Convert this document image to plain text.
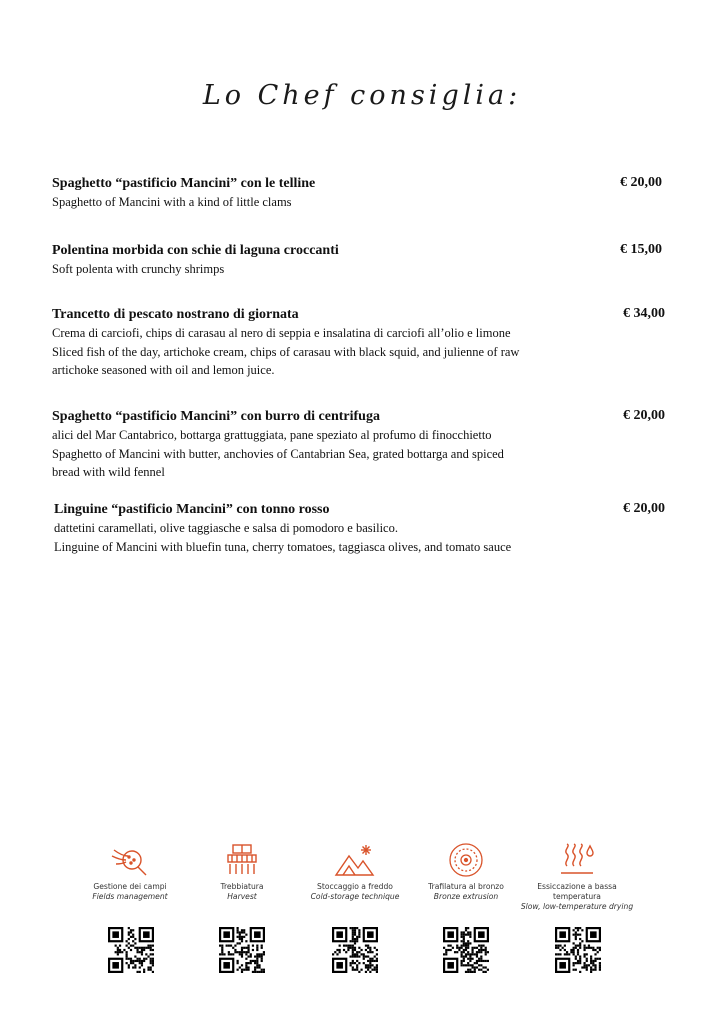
Lo Chef consiglia:
Spaghetto “pastificio Mancini” con le telline
Spaghetto of Mancini with a kind of little clams
€ 20,00
Polentina morbida con schie di laguna croccanti
Soft polenta with crunchy shrimps
€ 15,00
Trancetto di pescato nostrano di giornata
Crema di carciofi, chips di carasau al nero di seppia e insalatina di carciofi all’olio e limone
Sliced fish of the day, artichoke cream, chips of carasau with black squid, and julienne of raw
artichoke seasoned with oil and lemon juice.
€ 34,00
Spaghetto “pastificio Mancini” con burro di centrifuga
alici del Mar Cantabrico, bottarga grattuggiata, pane speziato al profumo di finocchietto
Spaghetto of Mancini with butter, anchovies of Cantabrian Sea, grated bottarga and spiced
bread with wild fennel
€ 20,00
Linguine “pastificio Mancini” con tonno rosso
dattetini caramellati, olive taggiasche e salsa di pomodoro e basilico.
Linguine of Mancini with bluefin tuna, cherry tomatoes, taggiasca olives, and tomato sauce
€ 20,00
Gestione dei campi
Fields management
Trebbiatura
Harvest
Stoccaggio a freddo
Cold-storage technique
Trafilatura al bronzo
Bronze extrusion
Essiccazione a bassa temperatura
Slow, low-temperature drying
